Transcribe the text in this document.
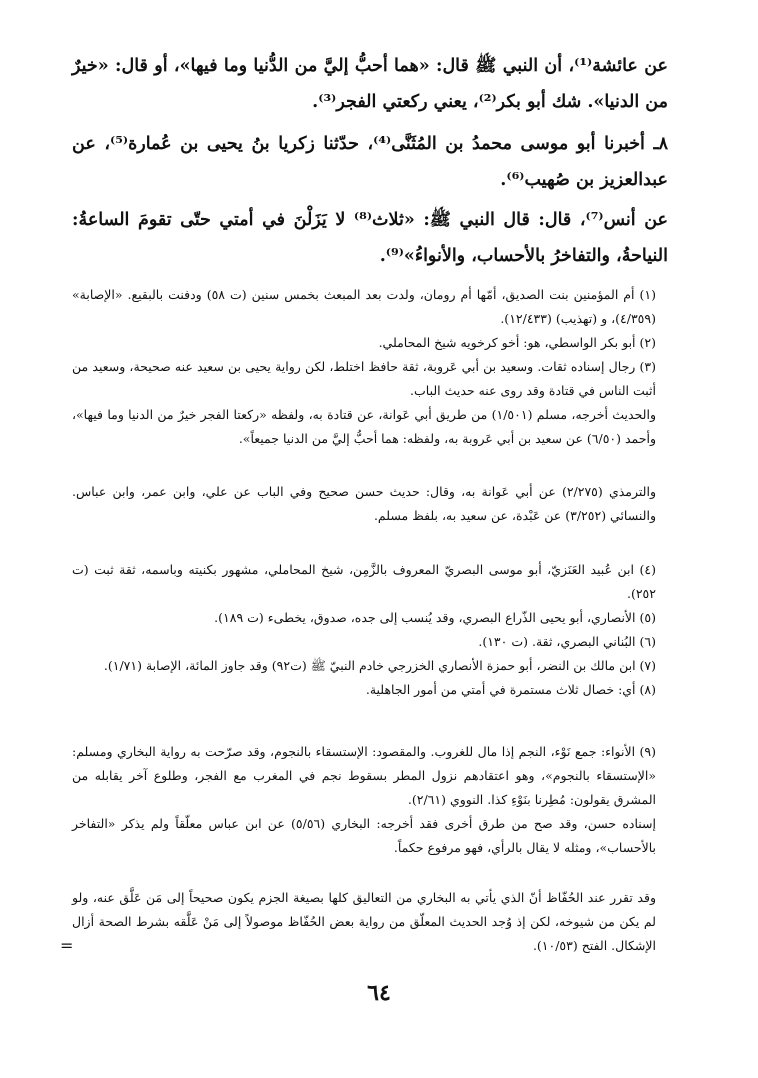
عن عائشة⁽¹⁾، أن النبي ﷺ قال: «هما أحبُّ إليَّ من الدُّنيا وما فيها»، أو قال: «خيرٌ من الدنيا». شك أبو بكر⁽²⁾، يعني ركعتي الفجر⁽³⁾.

٨ـ أخبرنا أبو موسى محمدُ بن المُثَنَّى⁽⁴⁾، حدّثنا زكريا بنُ يحيى بن عُمارة⁽⁵⁾، عن عبدالعزيز بن صُهيب⁽⁶⁾.

عن أنس⁽⁷⁾، قال: قال النبي ﷺ: «ثلاث⁽⁸⁾ لا يَزَلْنَ في أمتي حتّى تقومَ الساعةُ: النياحةُ، والتفاخرُ بالأحساب، والأنواءُ»⁽⁹⁾.

(١) أم المؤمنين بنت الصديق، أمّها أم رومان، ولدت بعد المبعث بخمس سنين (ت ٥٨) ودفنت بالبقيع. «الإصابة» (٤/٣٥٩)، و (تهذيب) (١٢/٤٣٣).

(٢) أبو بكر الواسطي، هو: أخو كرخويه شيخ المحاملي.

(٣) رجال إسناده ثقات. وسعيد بن أبي عَروبة، ثقة حافظ اختلط، لكن رواية يحيى بن سعيد عنه صحيحة، وسعيد من أثبت الناس في قتادة وقد روى عنه حديث الباب.

والحديث أخرجه، مسلم (١/٥٠١) من طريق أبي عَوانة، عن قتادة به، ولفظه «ركعتا الفجر خيرٌ من الدنيا وما فيها»، وأحمد (٦/٥٠) عن سعيد بن أبي عَروبة به، ولفظه: هما أحبُّ إليَّ من الدنيا جميعاً».

والترمذي (٢/٢٧٥) عن أبي عَوانة به، وقال: حديث حسن صحيح وفي الباب عن علي، وابن عمر، وابن عباس. والنسائي (٣/٢٥٢) عن عَبْدة، عن سعيد به، بلفظ مسلم.

(٤) ابن عُبيد العَنَزيّ، أبو موسى البصريّ المعروف بالزَّمِن، شيخ المحاملي، مشهور بكنيته وباسمه، ثقة ثبت (ت ٢٥٢).

(٥) الأنصاري، أبو يحيى الذّراع البصري، وقد يُنسب إلى جده، صدوق، يخطىء (ت ١٨٩).

(٦) البُناني البصري، ثقة. (ت ١٣٠).

(٧) ابن مالك بن النضر، أبو حمزة الأنصاري الخزرجي خادم النبيّ ﷺ (ت٩٢) وقد جاوز المائة، الإصابة (١/٧١).

(٨) أي: خصال ثلاث مستمرة في أمتي من أمور الجاهلية.

(٩) الأنواء: جمع نَوْء، النجم إذا مال للغروب. والمقصود: الإستسقاء بالنجوم، وقد صرّحت به رواية البخاري ومسلم: «الإستسقاء بالنجوم»، وهو اعتقادهم نزول المطر بسقوط نجم في المغرب مع الفجر، وطلوع آخر يقابله من المشرق يقولون: مُطِرنا بنَوْءِ كذا. النووي (٢/٦١).

إسناده حسن، وقد صح من طرق أخرى فقد أخرجه: البخاري (٥/٥٦) عن ابن عباس معلّقاً ولم يذكر «التفاخر بالأحساب»، ومثله لا يقال بالرأي، فهو مرفوع حكماً.

وقد تقرر عند الحُفّاظ أنّ الذي يأتي به البخاري من التعاليق كلها بصيغة الجزم يكون صحيحاً إلى مَن عَلَّق عنه، ولو لم يكن من شيوخه، لكن إذ وُجد الحديث المعلّق من رواية بعض الحُفّاظ موصولاً إلى مَنْ عَلَّقه بشرط الصحة أزال الإشكال. الفتح (١٠/٥٣).

=
٦٤
